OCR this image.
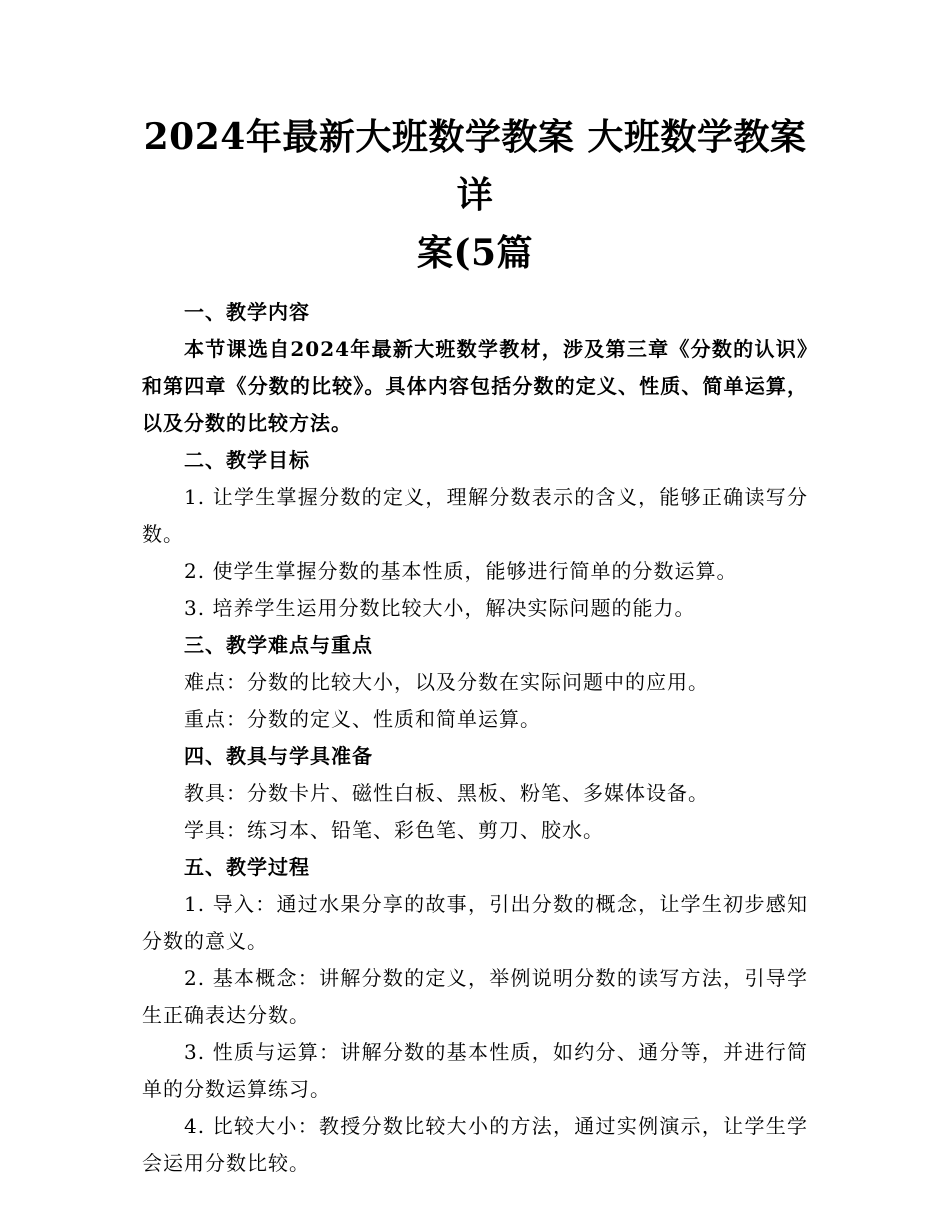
2024年最新大班数学教案 大班数学教案详
案(5篇

一、教学内容

本节课选自2024年最新大班数学教材，涉及第三章《分数的认识》和第四章《分数的比较》。具体内容包括分数的定义、性质、简单运算，以及分数的比较方法。

二、教学目标

1. 让学生掌握分数的定义，理解分数表示的含义，能够正确读写分数。

2. 使学生掌握分数的基本性质，能够进行简单的分数运算。

3. 培养学生运用分数比较大小，解决实际问题的能力。

三、教学难点与重点

难点：分数的比较大小，以及分数在实际问题中的应用。

重点：分数的定义、性质和简单运算。

四、教具与学具准备

教具：分数卡片、磁性白板、黑板、粉笔、多媒体设备。

学具：练习本、铅笔、彩色笔、剪刀、胶水。

五、教学过程

1. 导入：通过水果分享的故事，引出分数的概念，让学生初步感知分数的意义。

2. 基本概念：讲解分数的定义，举例说明分数的读写方法，引导学生正确表达分数。

3. 性质与运算：讲解分数的基本性质，如约分、通分等，并进行简单的分数运算练习。

4. 比较大小：教授分数比较大小的方法，通过实例演示，让学生学会运用分数比较。
